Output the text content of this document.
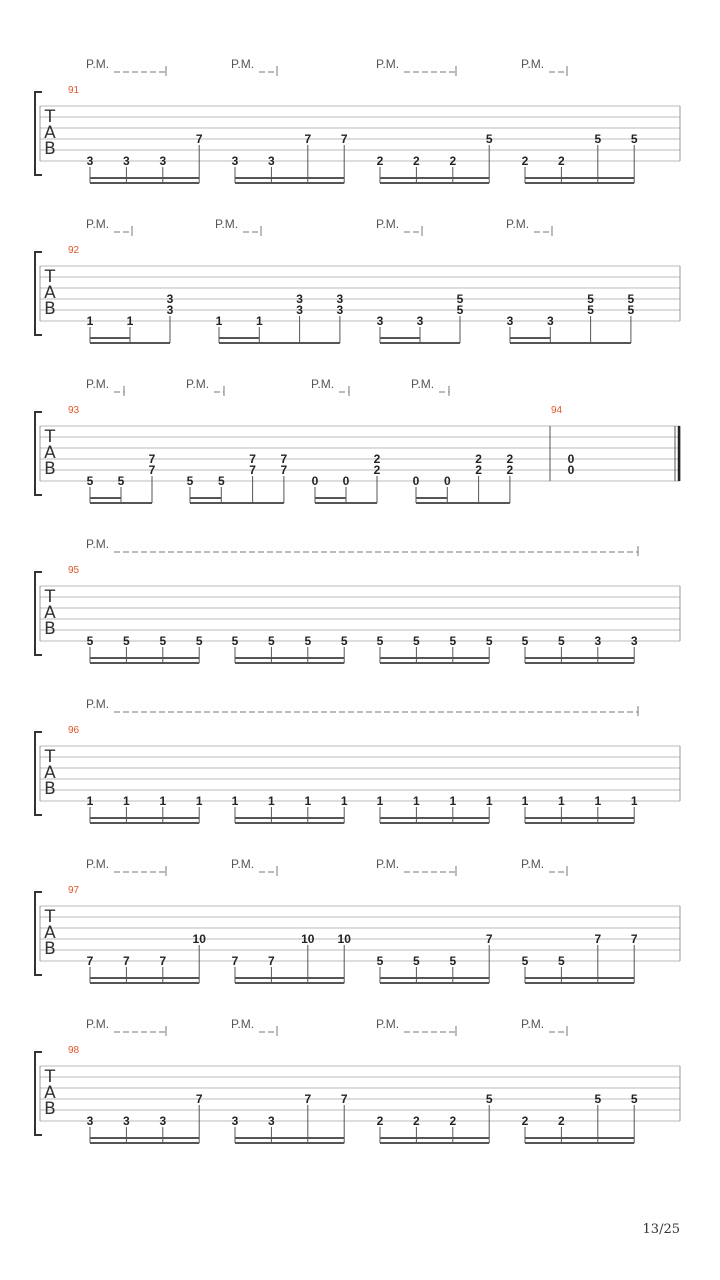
T
A
B
P.M.	P.M.	P.M.	P.M.
91
3 3 3
7
3 3
7 7
2 2 2
5
2 2
5 5
T
A
B
P.M.	P.M.	P.M.	P.M.
92
1	1
3
3
1	1
3
3
3
3
3	3
5
5
3	3
5
5
5
5
T
A
B
P.M.	P.M.	P.M.	P.M.
93
5 5
7
7
5 5
7
7
7
7
0 0
2
2
0 0
2
2
2
2
94
0
0
T
A
B
P.M.
95
5 5 5 5 5 5 5 5 5 5 5 5 5 5 3 3
T
A
B
P.M.
96
1 1 1 1 1 1 1 1 1 1 1 1 1 1 1 1
T
A
B
P.M.	P.M.	P.M.	P.M.
97
7 7 7
10
7 7
10 10
5 5 5
7
5 5
7 7
T
A
B
P.M.	P.M.	P.M.	P.M.
98
3 3 3
7
3 3
7 7
2 2 2
5
2 2
5 5
13/25
